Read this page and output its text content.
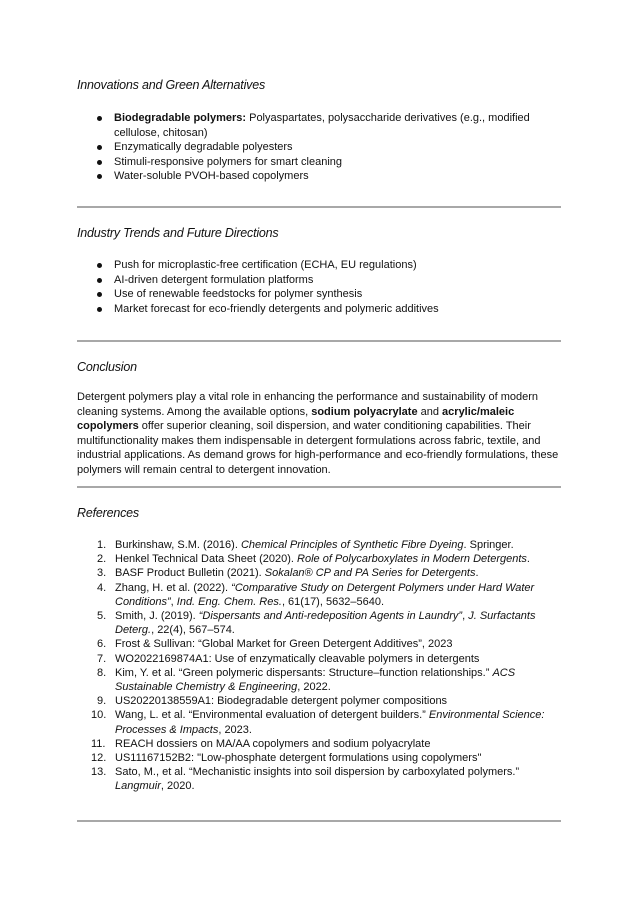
Innovations and Green Alternatives
Biodegradable polymers: Polyaspartates, polysaccharide derivatives (e.g., modified cellulose, chitosan)
Enzymatically degradable polyesters
Stimuli-responsive polymers for smart cleaning
Water-soluble PVOH-based copolymers
Industry Trends and Future Directions
Push for microplastic-free certification (ECHA, EU regulations)
AI-driven detergent formulation platforms
Use of renewable feedstocks for polymer synthesis
Market forecast for eco-friendly detergents and polymeric additives
Conclusion
Detergent polymers play a vital role in enhancing the performance and sustainability of modern cleaning systems. Among the available options, sodium polyacrylate and acrylic/maleic copolymers offer superior cleaning, soil dispersion, and water conditioning capabilities. Their multifunctionality makes them indispensable in detergent formulations across fabric, textile, and industrial applications. As demand grows for high-performance and eco-friendly formulations, these polymers will remain central to detergent innovation.
References
1. Burkinshaw, S.M. (2016). Chemical Principles of Synthetic Fibre Dyeing. Springer.
2. Henkel Technical Data Sheet (2020). Role of Polycarboxylates in Modern Detergents.
3. BASF Product Bulletin (2021). Sokalan® CP and PA Series for Detergents.
4. Zhang, H. et al. (2022). “Comparative Study on Detergent Polymers under Hard Water Conditions”, Ind. Eng. Chem. Res., 61(17), 5632–5640.
5. Smith, J. (2019). “Dispersants and Anti-redeposition Agents in Laundry”, J. Surfactants Deterg., 22(4), 567–574.
6. Frost & Sullivan: “Global Market for Green Detergent Additives”, 2023
7. WO2022169874A1: Use of enzymatically cleavable polymers in detergents
8. Kim, Y. et al. “Green polymeric dispersants: Structure–function relationships.” ACS Sustainable Chemistry & Engineering, 2022.
9. US20220138559A1: Biodegradable detergent polymer compositions
10. Wang, L. et al. “Environmental evaluation of detergent builders.” Environmental Science: Processes & Impacts, 2023.
11. REACH dossiers on MA/AA copolymers and sodium polyacrylate
12. US11167152B2: "Low-phosphate detergent formulations using copolymers"
13. Sato, M., et al. “Mechanistic insights into soil dispersion by carboxylated polymers.” Langmuir, 2020.
